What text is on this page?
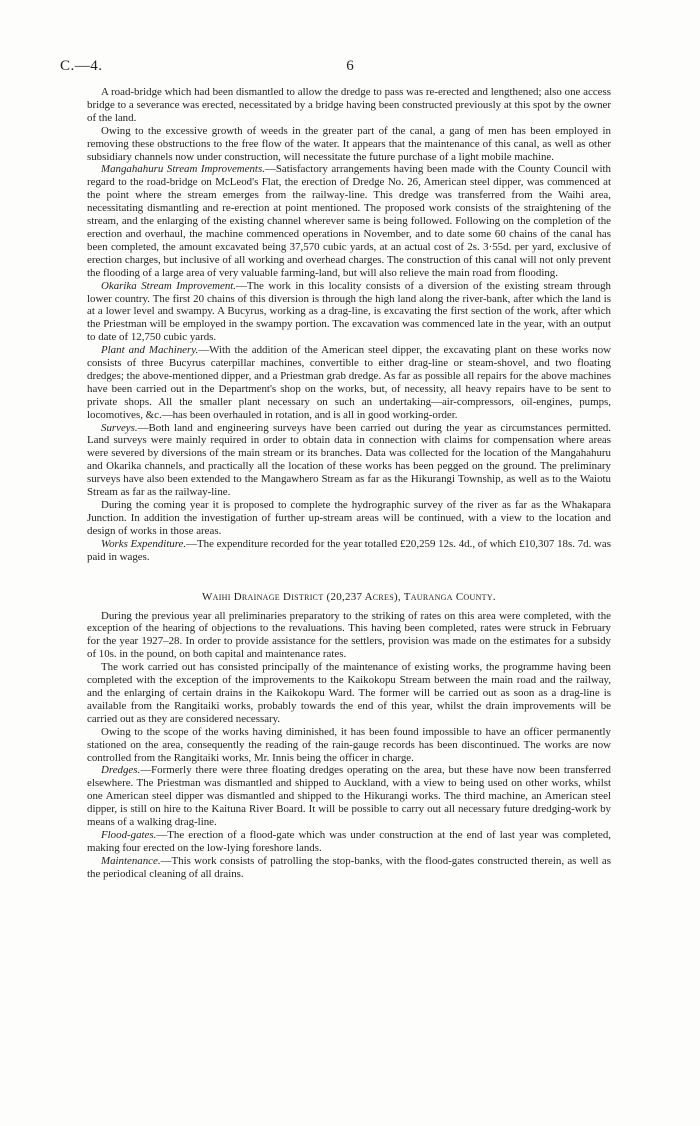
C.—4.	6

A road-bridge which had been dismantled to allow the dredge to pass was re-erected and lengthened; also one access bridge to a severance was erected, necessitated by a bridge having been constructed previously at this spot by the owner of the land.

Owing to the excessive growth of weeds in the greater part of the canal, a gang of men has been employed in removing these obstructions to the free flow of the water. It appears that the maintenance of this canal, as well as other subsidiary channels now under construction, will necessitate the future purchase of a light mobile machine.

Mangahahuru Stream Improvements.—Satisfactory arrangements having been made with the County Council with regard to the road-bridge on McLeod's Flat, the erection of Dredge No. 26, American steel dipper, was commenced at the point where the stream emerges from the railway-line. This dredge was transferred from the Waihi area, necessitating dismantling and re-erection at point mentioned. The proposed work consists of the straightening of the stream, and the enlarging of the existing channel wherever same is being followed. Following on the completion of the erection and overhaul, the machine commenced operations in November, and to date some 60 chains of the canal has been completed, the amount excavated being 37,570 cubic yards, at an actual cost of 2s. 3·55d. per yard, exclusive of erection charges, but inclusive of all working and overhead charges. The construction of this canal will not only prevent the flooding of a large area of very valuable farming-land, but will also relieve the main road from flooding.

Okarika Stream Improvement.—The work in this locality consists of a diversion of the existing stream through lower country. The first 20 chains of this diversion is through the high land along the river-bank, after which the land is at a lower level and swampy. A Bucyrus, working as a drag-line, is excavating the first section of the work, after which the Priestman will be employed in the swampy portion. The excavation was commenced late in the year, with an output to date of 12,750 cubic yards.

Plant and Machinery.—With the addition of the American steel dipper, the excavating plant on these works now consists of three Bucyrus caterpillar machines, convertible to either drag-line or steam-shovel, and two floating dredges; the above-mentioned dipper, and a Priestman grab dredge. As far as possible all repairs for the above machines have been carried out in the Department's shop on the works, but, of necessity, all heavy repairs have to be sent to private shops. All the smaller plant necessary on such an undertaking—air-compressors, oil-engines, pumps, locomotives, &c.—has been overhauled in rotation, and is all in good working-order.

Surveys.—Both land and engineering surveys have been carried out during the year as circumstances permitted. Land surveys were mainly required in order to obtain data in connection with claims for compensation where areas were severed by diversions of the main stream or its branches. Data was collected for the location of the Mangahahuru and Okarika channels, and practically all the location of these works has been pegged on the ground. The preliminary surveys have also been extended to the Mangawhero Stream as far as the Hikurangi Township, as well as to the Waiotu Stream as far as the railway-line.

During the coming year it is proposed to complete the hydrographic survey of the river as far as the Whakapara Junction. In addition the investigation of further up-stream areas will be continued, with a view to the location and design of works in those areas.

Works Expenditure.—The expenditure recorded for the year totalled £20,259 12s. 4d., of which £10,307 18s. 7d. was paid in wages.

Waihi Drainage District (20,237 Acres), Tauranga County.

During the previous year all preliminaries preparatory to the striking of rates on this area were completed, with the exception of the hearing of objections to the revaluations. This having been completed, rates were struck in February for the year 1927–28. In order to provide assistance for the settlers, provision was made on the estimates for a subsidy of 10s. in the pound, on both capital and maintenance rates.

The work carried out has consisted principally of the maintenance of existing works, the programme having been completed with the exception of the improvements to the Kaikokopu Stream between the main road and the railway, and the enlarging of certain drains in the Kaikokopu Ward. The former will be carried out as soon as a drag-line is available from the Rangitaiki works, probably towards the end of this year, whilst the drain improvements will be carried out as they are considered necessary.

Owing to the scope of the works having diminished, it has been found impossible to have an officer permanently stationed on the area, consequently the reading of the rain-gauge records has been discontinued. The works are now controlled from the Rangitaiki works, Mr. Innis being the officer in charge.

Dredges.—Formerly there were three floating dredges operating on the area, but these have now been transferred elsewhere. The Priestman was dismantled and shipped to Auckland, with a view to being used on other works, whilst one American steel dipper was dismantled and shipped to the Hikurangi works. The third machine, an American steel dipper, is still on hire to the Kaituna River Board. It will be possible to carry out all necessary future dredging-work by means of a walking drag-line.

Flood-gates.—The erection of a flood-gate which was under construction at the end of last year was completed, making four erected on the low-lying foreshore lands.

Maintenance.—This work consists of patrolling the stop-banks, with the flood-gates constructed therein, as well as the periodical cleaning of all drains.
